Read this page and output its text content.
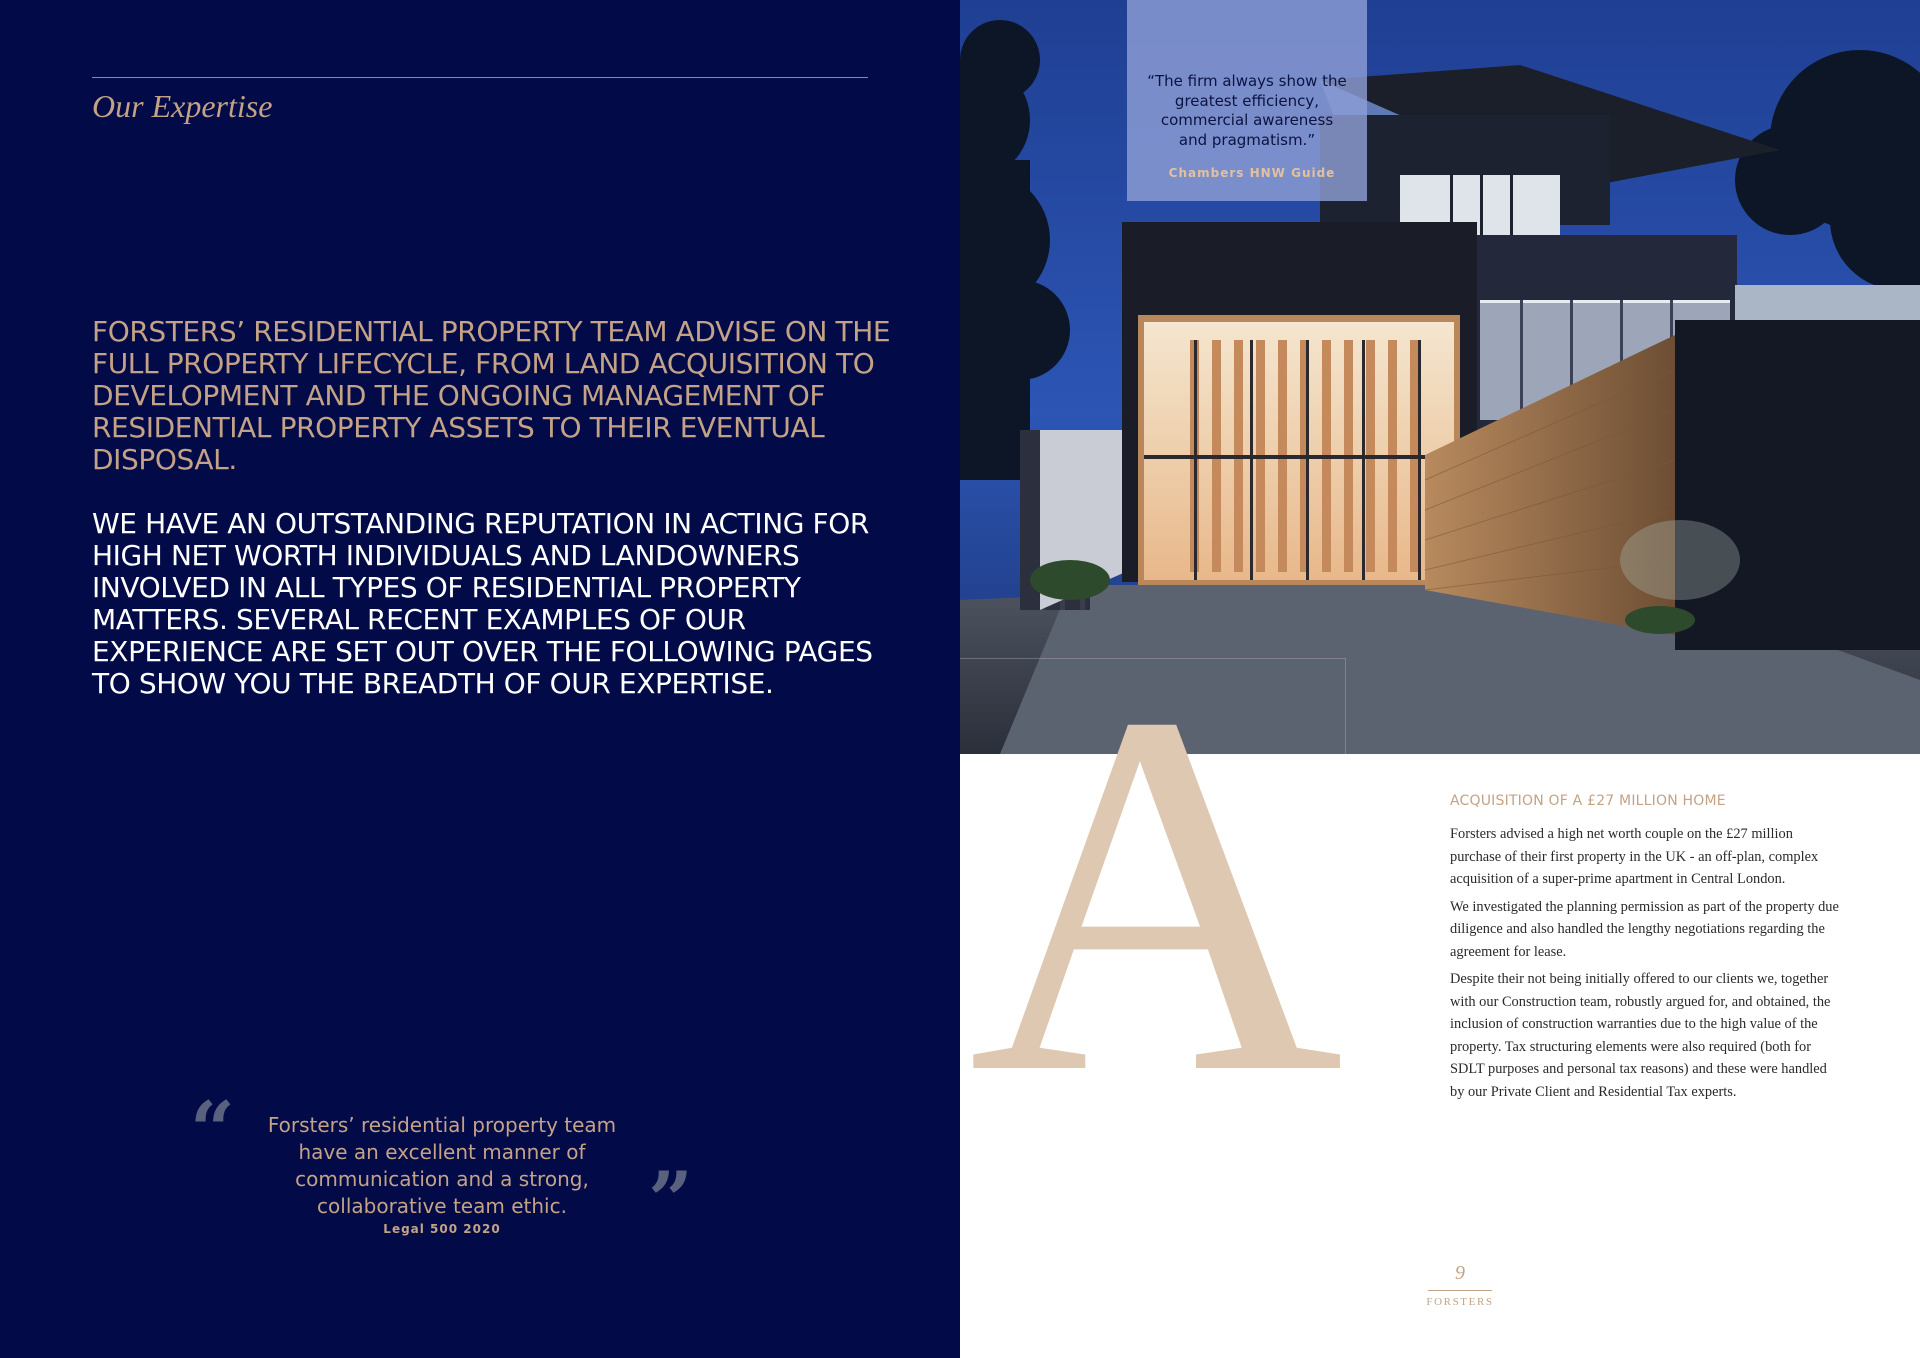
Our Expertise

FORSTERS’ RESIDENTIAL PROPERTY TEAM ADVISE ON THE FULL PROPERTY LIFECYCLE, FROM LAND ACQUISITION TO DEVELOPMENT AND THE ONGOING MANAGEMENT OF RESIDENTIAL PROPERTY ASSETS TO THEIR EVENTUAL DISPOSAL.

WE HAVE AN OUTSTANDING REPUTATION IN ACTING FOR HIGH NET WORTH INDIVIDUALS AND LANDOWNERS INVOLVED IN ALL TYPES OF RESIDENTIAL PROPERTY MATTERS. SEVERAL RECENT EXAMPLES OF OUR EXPERIENCE ARE SET OUT OVER THE FOLLOWING PAGES TO SHOW YOU THE BREADTH OF OUR EXPERTISE.

“	Forsters’ residential property team have an excellent manner of communication and a strong, collaborative team ethic.	”
Legal 500 2020
“The firm always show the greatest efficiency, commercial awareness and pragmatism.”
Chambers HNW Guide
A	ACQUISITION OF A £27 MILLION HOME

Forsters advised a high net worth couple on the £27 million purchase of their first property in the UK - an off-plan, complex acquisition of a super-prime apartment in Central London.

We investigated the planning permission as part of the property due diligence and also handled the lengthy negotiations regarding the agreement for lease.

Despite their not being initially offered to our clients we, together with our Construction team, robustly argued for, and obtained, the inclusion of construction warranties due to the high value of the property. Tax structuring elements were also required (both for SDLT purposes and personal tax reasons) and these were handled by our Private Client and Residential Tax experts.

9
FORSTERS
